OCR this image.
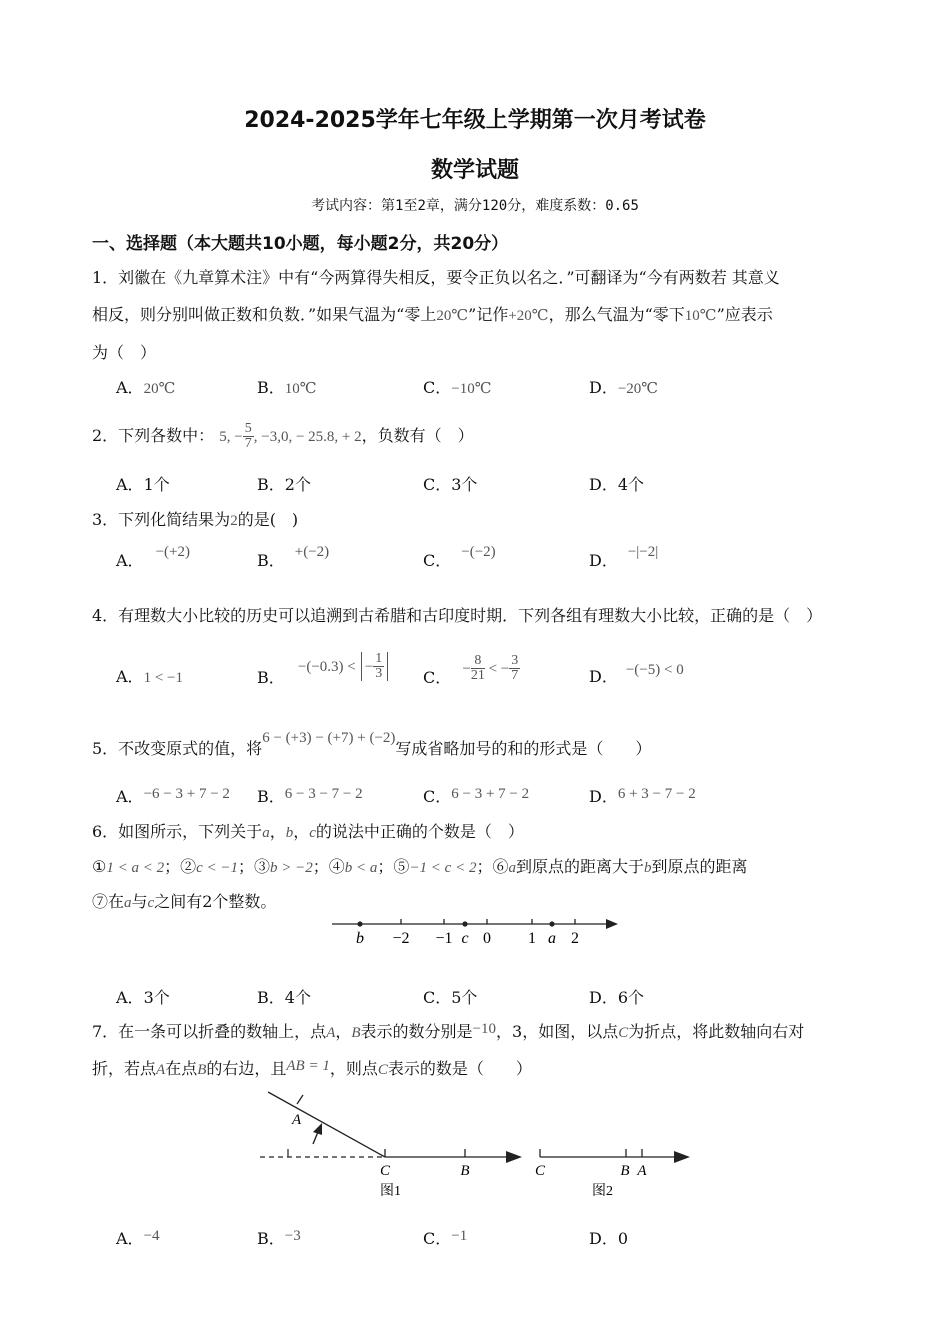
2024-2025学年七年级上学期第一次月考试卷
数学试题
考试内容：第1至2章，满分120分，难度系数：0.65
一、选择题（本大题共10小题，每小题2分，共20分）
1．刘徽在《九章算术注》中有“今两算得失相反，要令正负以名之．”可翻译为“今有两数若 其意义
相反，则分别叫做正数和负数．”如果气温为“零上20℃”记作+20℃，那么气温为“零下10℃”应表示
为（　）
A．20℃	B．10℃	C．−10℃	D．−20℃
2．下列各数中： 5, − $\frac{5}{7}$ , −3,0, − 25.8, + 2，负数有（　）
A．1个	B．2个	C．3个	D．4个
3．下列化简结果为2的是(　)
A． −(+2)	B． +(−2)	C． −(−2)	D． −|−2|
4．有理数大小比较的历史可以追溯到古希腊和古印度时期．下列各组有理数大小比较，正确的是（　）
A．1 < −1	B． −(−0.3) < − $\frac{1}{3}$ C． − $\frac{8}{21}$ < − $\frac{3}{7}$	D． −(−5) < 0
5．不改变原式的值，将6 − (+3) − (+7) + (−2)写成省略加号的和的形式是（　　）
A．−6 − 3 + 7 − 2 B．6 − 3 − 7 − 2	C．6 − 3 + 7 − 2	D．6 + 3 − 7 − 2
6．如图所示，下列关于a，b，c的说法中正确的个数是（　）
①1 < a < 2；②c < −1；③b > −2；④b < a；⑤−1 < c < 2；⑥a到原点的距离大于b到原点的距离
⑦在a与c之间有2个整数。
b −2 −1 c 0 1 a 2
A．3个	B．4个	C．5个	D．6个
7．在一条可以折叠的数轴上，点A，B表示的数分别是−10，3，如图，以点C为折点，将此数轴向右对
折，若点A在点B的右边，且AB = 1，则点C表示的数是（　　）
A
C	B
图1
C	B A
图2
A．−4	B．−3	C．−1	D．0
